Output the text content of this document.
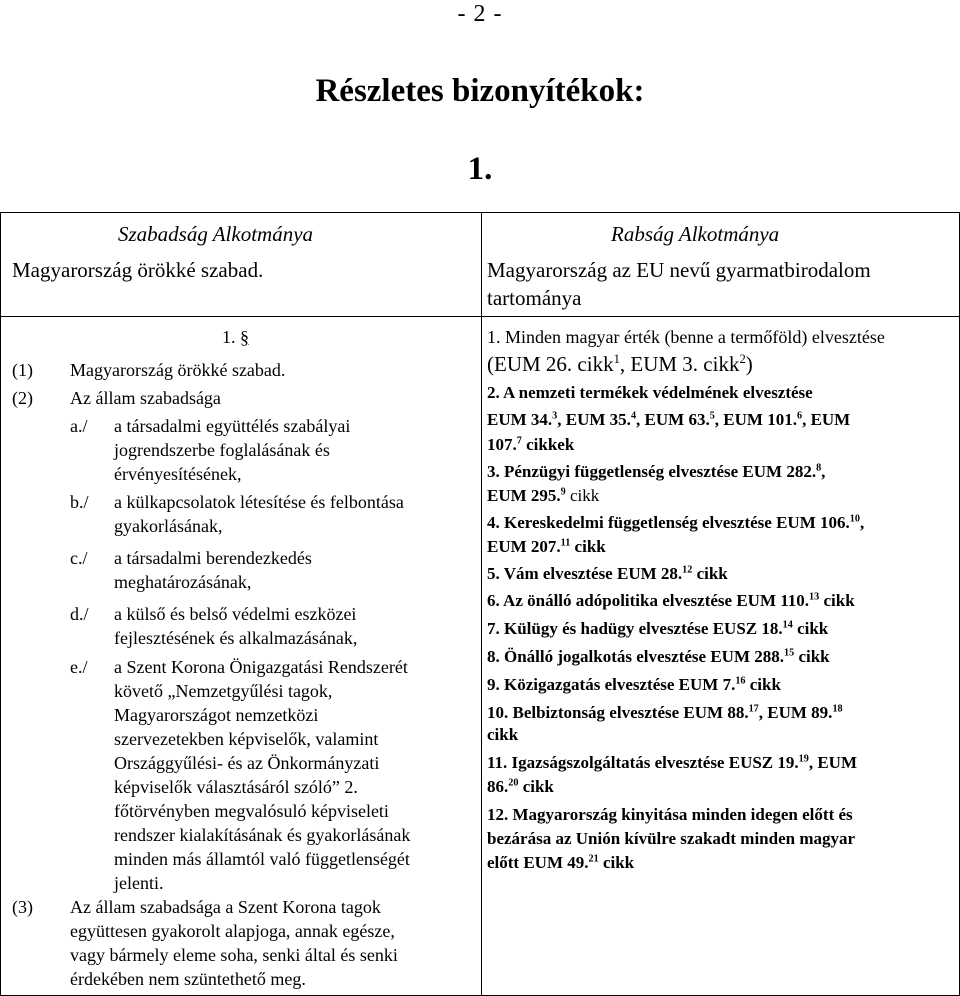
- 2 -
Részletes bizonyítékok:
1.
Szabadság Alkotmánya
Magyarország örökké szabad.
1. §
(1) Magyarország örökké szabad.
(2) Az állam szabadsága
a./ a társadalmi együttélés szabályai
jogrendszerbe foglalásának és
érvényesítésének,
b./ a külkapcsolatok létesítése és felbontása
gyakorlásának,
c./ a társadalmi berendezkedés
meghatározásának,
d./ a külső és belső védelmi eszközei
fejlesztésének és alkalmazásának,
e./ a Szent Korona Önigazgatási Rendszerét
követő „Nemzetgyűlési tagok,
Magyarországot nemzetközi
szervezetekben képviselők, valamint
Országgyűlési- és az Önkormányzati
képviselők választásáról szóló” 2.
főtörvényben megvalósuló képviseleti
rendszer kialakításának és gyakorlásának
minden más államtól való függetlenségét
jelenti.
(3) Az állam szabadsága a Szent Korona tagok
együttesen gyakorolt alapjoga, annak egésze,
vagy bármely eleme soha, senki által és senki
érdekében nem szüntethető meg.
Rabság Alkotmánya
Magyarország az EU nevű gyarmatbirodalom
tartománya
1. Minden magyar érték (benne a termőföld) elvesztése
(EUM 26. cikk$^1$, EUM 3. cikk$^2$)
2. A nemzeti termékek védelmének elvesztése
EUM 34.$^3$, EUM 35.$^4$, EUM 63.$^5$, EUM 101.$^6$, EUM
107.$^7$ cikkek
3. Pénzügyi függetlenség elvesztése EUM 282.$^8$,
EUM 295.$^9$ cikk
4. Kereskedelmi függetlenség elvesztése EUM 106.10,
EUM 207.11 cikk
5. Vám elvesztése EUM 28.12 cikk
6. Az önálló adópolitika elvesztése EUM 110.13 cikk
7. Külügy és hadügy elvesztése EUSZ 18.14 cikk
8. Önálló jogalkotás elvesztése EUM 288.15 cikk
9. Közigazgatás elvesztése EUM 7.16 cikk
10. Belbiztonság elvesztése EUM 88.17, EUM 89.18
cikk
11. Igazságszolgáltatás elvesztése EUSZ 19.19, EUM
86.20 cikk
12. Magyarország kinyitása minden idegen előtt és
bezárása az Unión kívülre szakadt minden magyar
előtt EUM 49.21 cikk
